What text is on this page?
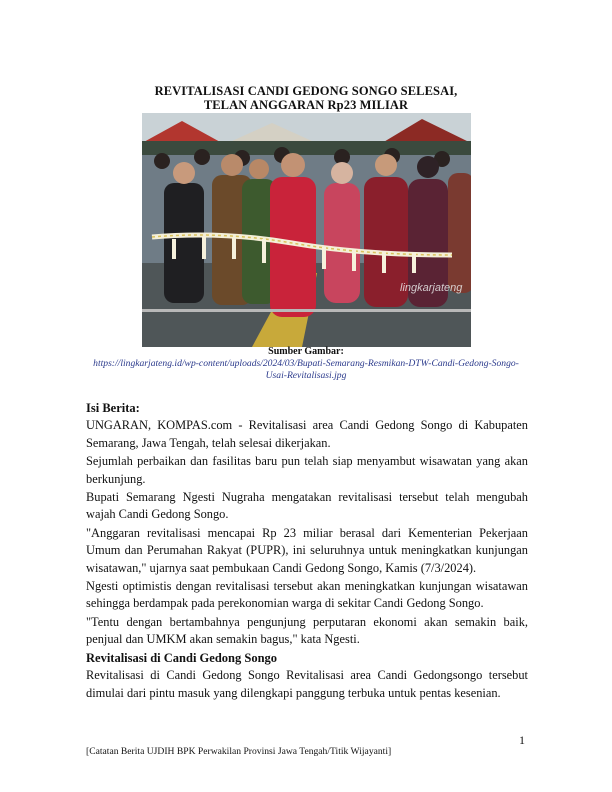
REVITALISASI CANDI GEDONG SONGO SELESAI,
TELAN ANGGARAN Rp23 MILIAR
lingkarjateng
Sumber Gambar:
https://lingkarjateng.id/wp-content/uploads/2024/03/Bupati-Semarang-Resmikan-DTW-Candi-Gedong-Songo-Usai-Revitalisasi.jpg
Isi Berita:

UNGARAN, KOMPAS.com - Revitalisasi area Candi Gedong Songo di Kabupaten Semarang, Jawa Tengah, telah selesai dikerjakan.

Sejumlah perbaikan dan fasilitas baru pun telah siap menyambut wisawatan yang akan berkunjung.

Bupati Semarang Ngesti Nugraha mengatakan revitalisasi tersebut telah mengubah wajah Candi Gedong Songo.

"Anggaran revitalisasi mencapai Rp 23 miliar berasal dari Kementerian Pekerjaan Umum dan Perumahan Rakyat (PUPR), ini seluruhnya untuk meningkatkan kunjungan wisatawan," ujarnya saat pembukaan Candi Gedong Songo, Kamis (7/3/2024).

Ngesti optimistis dengan revitalisasi tersebut akan meningkatkan kunjungan wisatawan sehingga berdampak pada perekonomian warga di sekitar Candi Gedong Songo.

"Tentu dengan bertambahnya pengunjung perputaran ekonomi akan semakin baik, penjual dan UMKM akan semakin bagus," kata Ngesti.

Revitalisasi di Candi Gedong Songo

Revitalisasi di Candi Gedong Songo Revitalisasi area Candi Gedongsongo tersebut dimulai dari pintu masuk yang dilengkapi panggung terbuka untuk pentas kesenian.

1
[Catatan Berita UJDIH BPK Perwakilan Provinsi Jawa Tengah/Titik Wijayanti]
